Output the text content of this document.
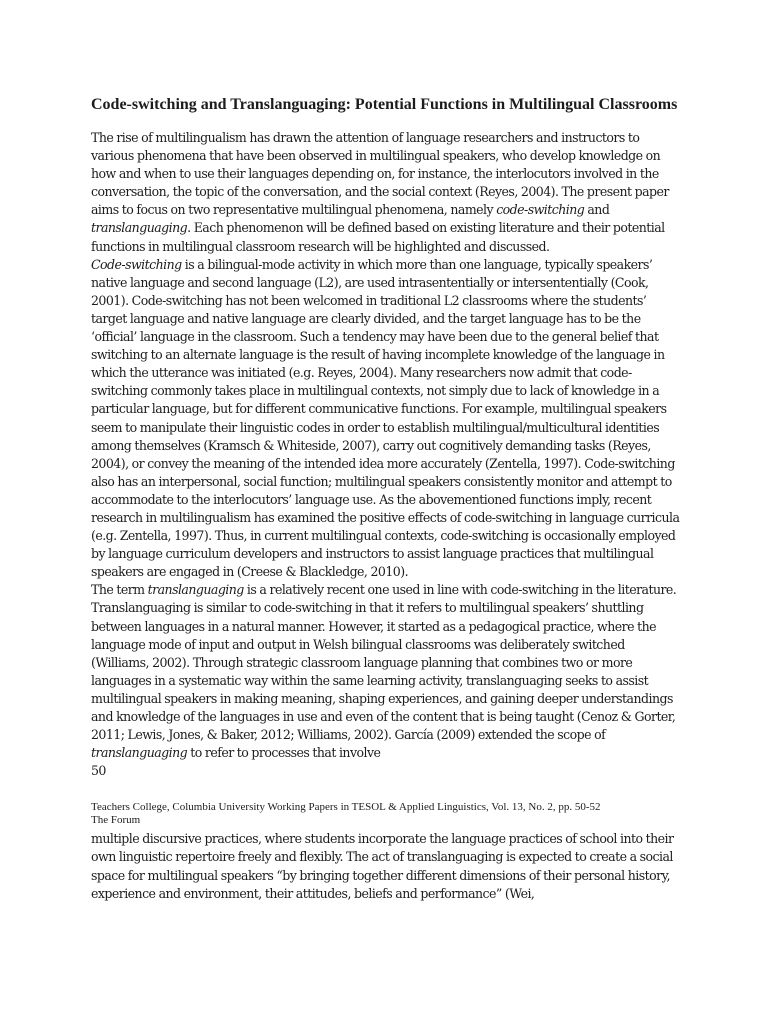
Code-switching and Translanguaging: Potential Functions in Multilingual Classrooms

The rise of multilingualism has drawn the attention of language researchers and instructors to various phenomena that have been observed in multilingual speakers, who develop knowledge on how and when to use their languages depending on, for instance, the interlocutors involved in the conversation, the topic of the conversation, and the social context (Reyes, 2004). The present paper aims to focus on two representative multilingual phenomena, namely code-switching and translanguaging. Each phenomenon will be defined based on existing literature and their potential functions in multilingual classroom research will be highlighted and discussed.

Code-switching is a bilingual-mode activity in which more than one language, typically speakers’ native language and second language (L2), are used intrasententially or intersententially (Cook, 2001). Code-switching has not been welcomed in traditional L2 classrooms where the students’ target language and native language are clearly divided, and the target language has to be the ‘official’ language in the classroom. Such a tendency may have been due to the general belief that switching to an alternate language is the result of having incomplete knowledge of the language in which the utterance was initiated (e.g. Reyes, 2004). Many researchers now admit that code-switching commonly takes place in multilingual contexts, not simply due to lack of knowledge in a particular language, but for different communicative functions. For example, multilingual speakers seem to manipulate their linguistic codes in order to establish multilingual/multicultural identities among themselves (Kramsch & Whiteside, 2007), carry out cognitively demanding tasks (Reyes, 2004), or convey the meaning of the intended idea more accurately (Zentella, 1997). Code-switching also has an interpersonal, social function; multilingual speakers consistently monitor and attempt to accommodate to the interlocutors’ language use. As the abovementioned functions imply, recent research in multilingualism has examined the positive effects of code-switching in language curricula (e.g. Zentella, 1997). Thus, in current multilingual contexts, code-switching is occasionally employed by language curriculum developers and instructors to assist language practices that multilingual speakers are engaged in (Creese & Blackledge, 2010).

The term translanguaging is a relatively recent one used in line with code-switching in the literature. Translanguaging is similar to code-switching in that it refers to multilingual speakers’ shuttling between languages in a natural manner. However, it started as a pedagogical practice, where the language mode of input and output in Welsh bilingual classrooms was deliberately switched (Williams, 2002). Through strategic classroom language planning that combines two or more languages in a systematic way within the same learning activity, translanguaging seeks to assist multilingual speakers in making meaning, shaping experiences, and gaining deeper understandings and knowledge of the languages in use and even of the content that is being taught (Cenoz & Gorter, 2011; Lewis, Jones, & Baker, 2012; Williams, 2002). García (2009) extended the scope of translanguaging to refer to processes that involve

50

Teachers College, Columbia University Working Papers in TESOL & Applied Linguistics, Vol. 13, No. 2, pp. 50-52
The Forum

multiple discursive practices, where students incorporate the language practices of school into their own linguistic repertoire freely and flexibly. The act of translanguaging is expected to create a social space for multilingual speakers “by bringing together different dimensions of their personal history, experience and environment, their attitudes, beliefs and performance” (Wei,
